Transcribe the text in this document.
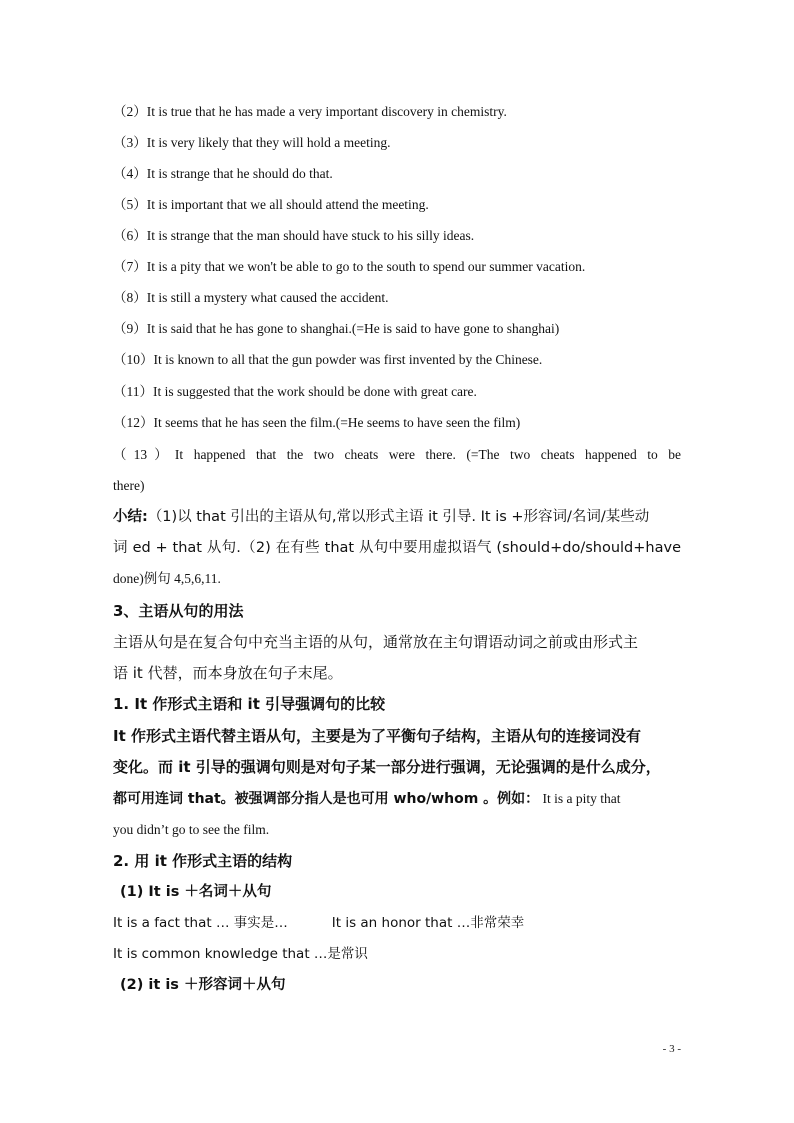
（2）It is true that he has made a very important discovery in chemistry.
（3）It is very likely that they will hold a meeting.
（4）It is strange that he should do that.
（5）It is important that we all should attend the meeting.
（6）It is strange that the man should have stuck to his silly ideas.
（7）It is a pity that we won't be able to go to the south to spend our summer vacation.
（8）It is still a mystery what caused the accident.
（9）It is said that he has gone to shanghai.(=He is said to have gone to shanghai)
（10）It is known to all that the gun powder was first invented by the Chinese.
（11）It is suggested that the work should be done with great care.
（12）It seems that he has seen the film.(=He seems to have seen the film)
（13）It happened that the two cheats were there. (=The two cheats happened to be
there)
小结:（1)以 that 引出的主语从句,常以形式主语 it 引导. It is +形容词/名词/某些动
词 ed + that 从句.（2) 在有些 that 从句中要用虚拟语气 (should+do/should+have
done)例句 4,5,6,11.
3、主语从句的用法
主语从句是在复合句中充当主语的从句，通常放在主句谓语动词之前或由形式主
语 it 代替，而本身放在句子末尾。
1. It 作形式主语和 it 引导强调句的比较
It 作形式主语代替主语从句，主要是为了平衡句子结构，主语从句的连接词没有
变化。而 it 引导的强调句则是对句子某一部分进行强调，无论强调的是什么成分，
都可用连词 that。被强调部分指人是也可用 who/whom 。例如： It is a pity that
you didn’t go to see the film.
2. 用 it 作形式主语的结构
(1) It is ＋名词＋从句
It is a fact that … 事实是…	It is an honor that …非常荣幸
It is common knowledge that …是常识
(2) it is ＋形容词＋从句
- 3 -
